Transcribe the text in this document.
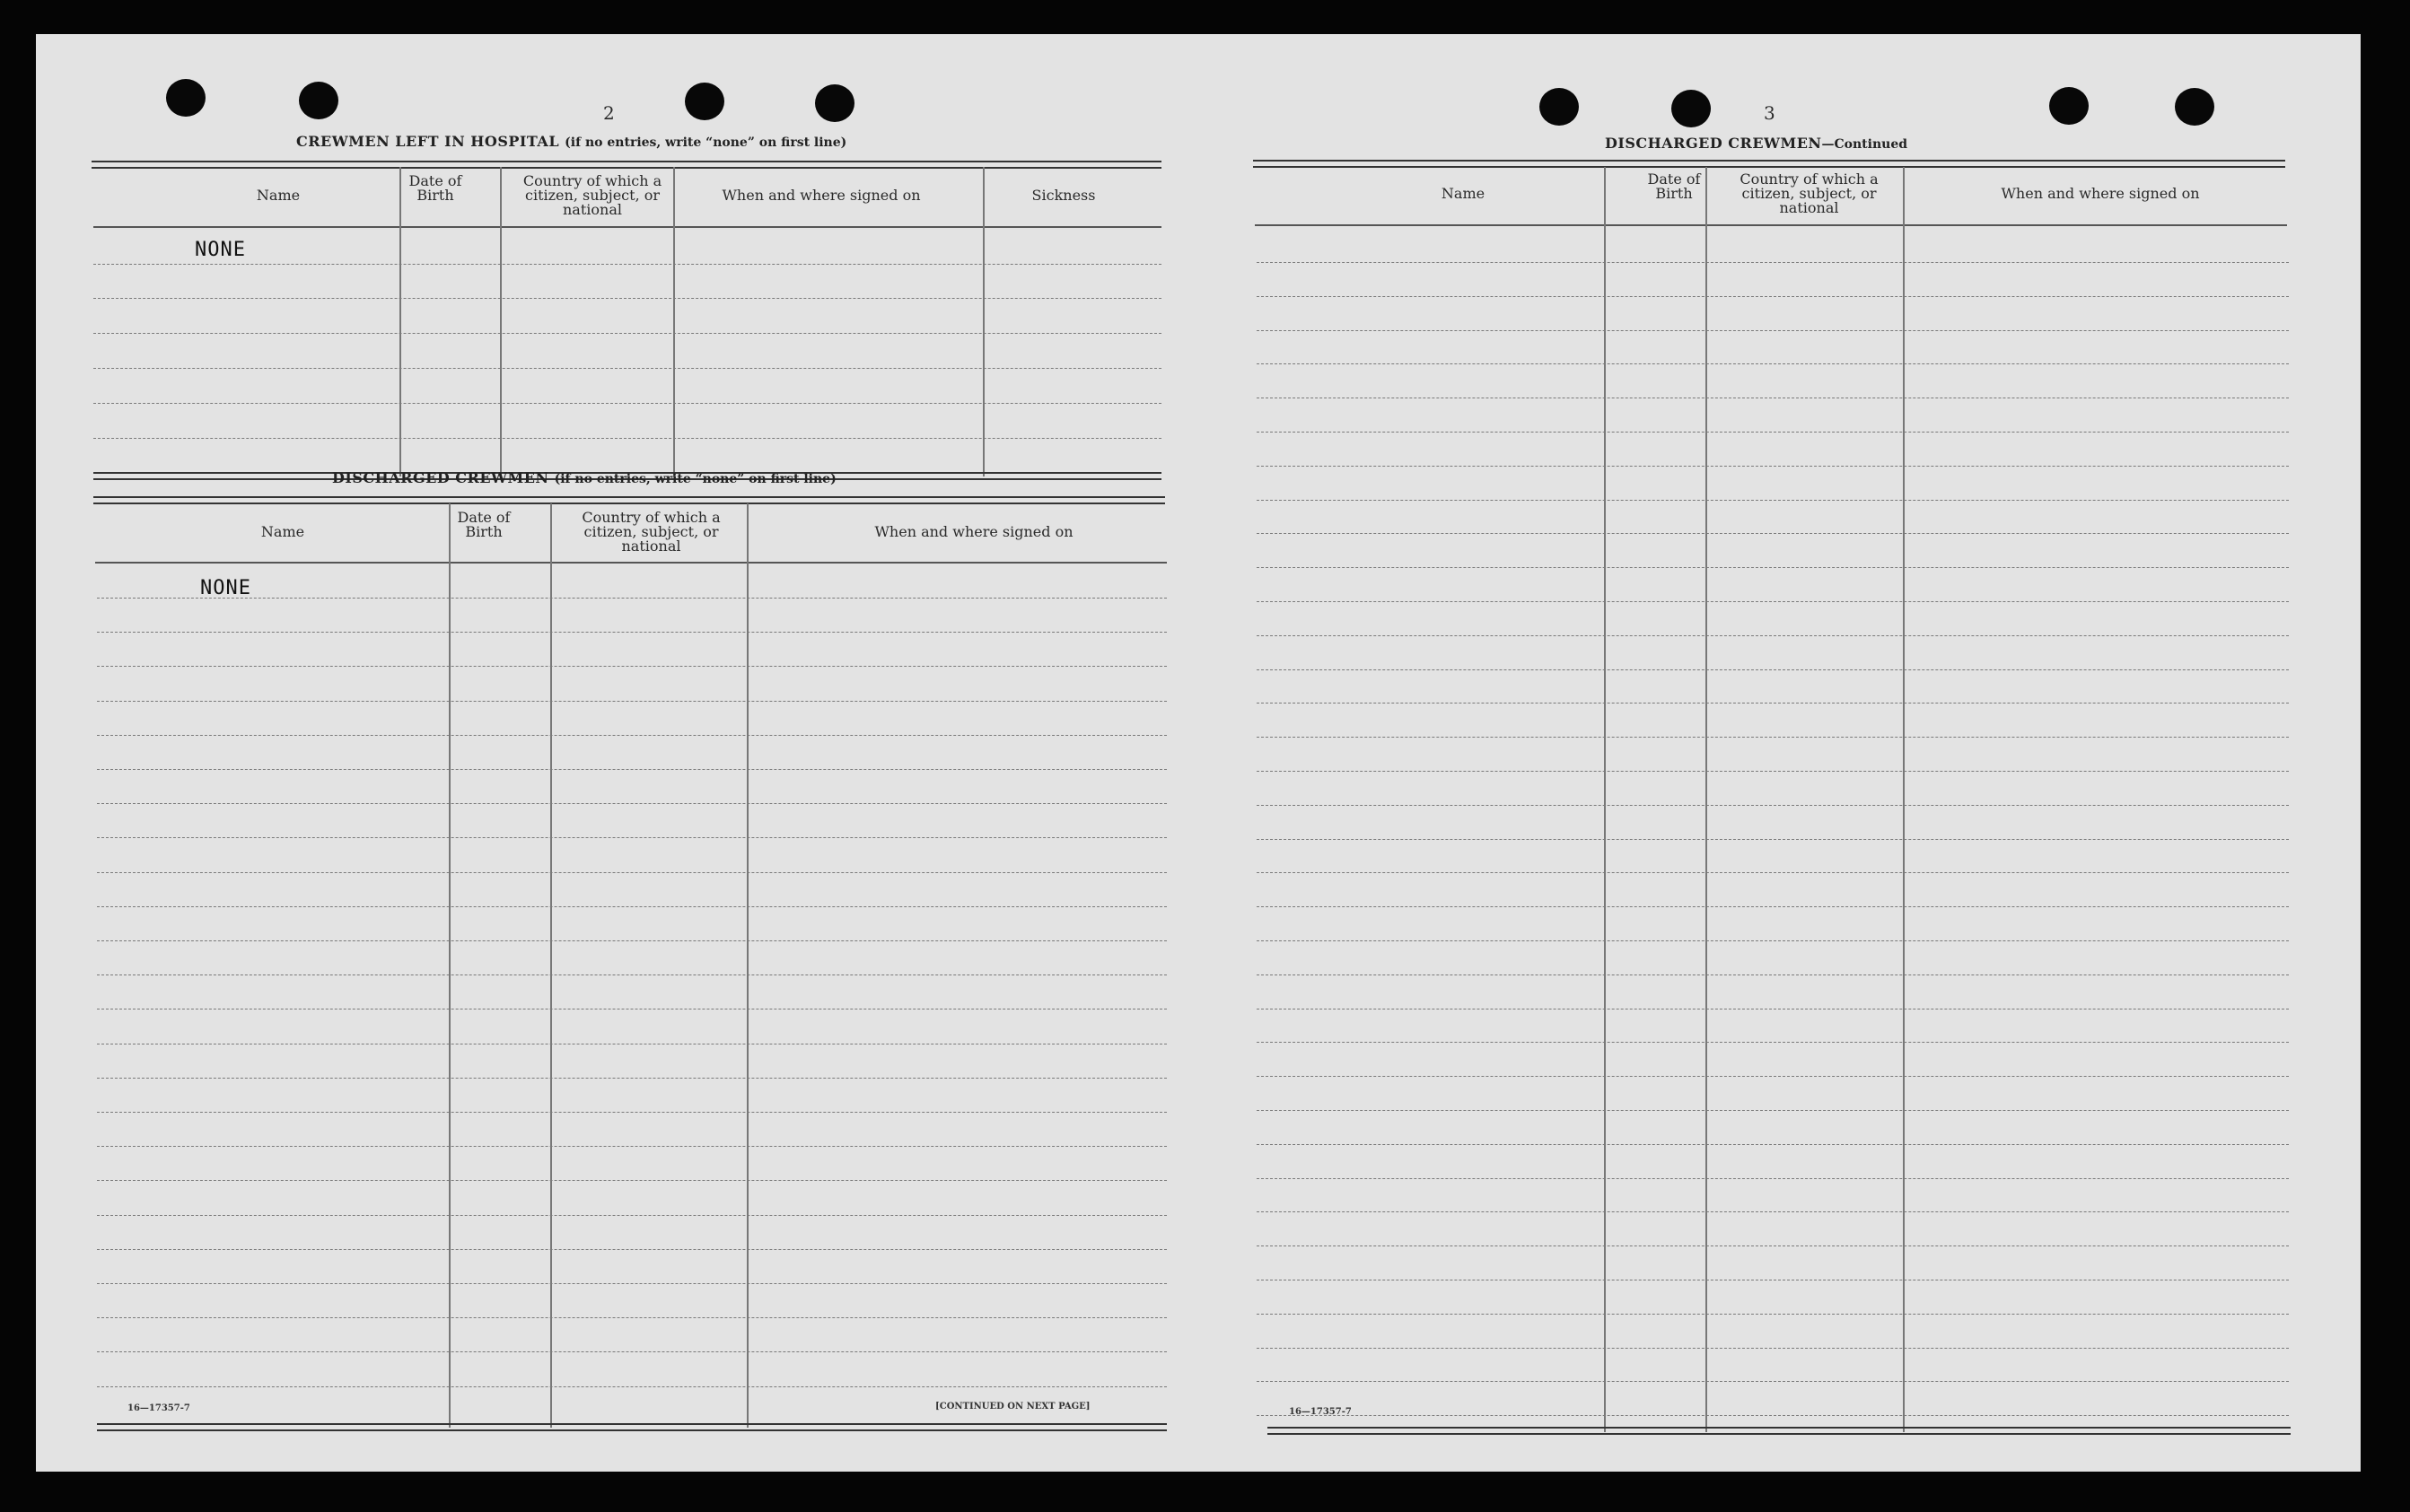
2
CREWMEN LEFT IN HOSPITAL (if no entries, write “none” on first line)
Name
Date of Birth
Country of which a citizen, subject, or national
When and where signed on	Sickness
NONE
DISCHARGED CREWMEN (if no entries, write “none” on first line)
Name
Date of Birth
Country of which a citizen, subject, or national
When and where signed on
NONE
16—17357-7	[CONTINUED ON NEXT PAGE]
3
DISCHARGED CREWMEN—Continued
Name
Date of Birth
Country of which a citizen, subject, or national
When and where signed on
16—17357-7
